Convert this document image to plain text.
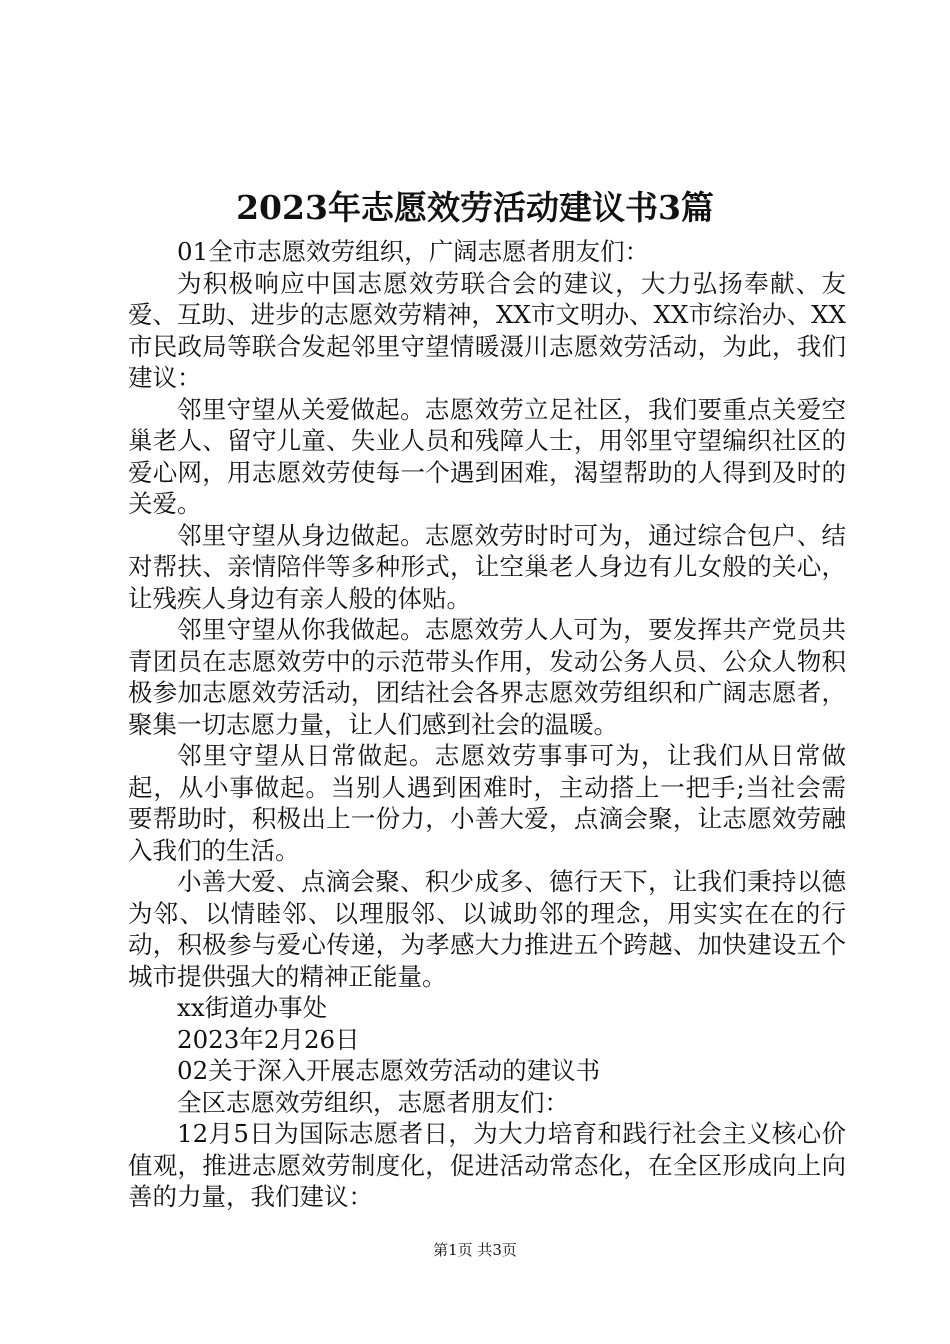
2023年志愿效劳活动建议书3篇

01全市志愿效劳组织，广阔志愿者朋友们：

为积极响应中国志愿效劳联合会的建议，大力弘扬奉献、友爱、互助、进步的志愿效劳精神，XX市文明办、XX市综治办、XX市民政局等联合发起邻里守望情暖滠川志愿效劳活动，为此，我们建议：

邻里守望从关爱做起。志愿效劳立足社区，我们要重点关爱空巢老人、留守儿童、失业人员和残障人士，用邻里守望编织社区的爱心网，用志愿效劳使每一个遇到困难，渴望帮助的人得到及时的关爱。

邻里守望从身边做起。志愿效劳时时可为，通过综合包户、结对帮扶、亲情陪伴等多种形式，让空巢老人身边有儿女般的关心，让残疾人身边有亲人般的体贴。

邻里守望从你我做起。志愿效劳人人可为，要发挥共产党员共青团员在志愿效劳中的示范带头作用，发动公务人员、公众人物积极参加志愿效劳活动，团结社会各界志愿效劳组织和广阔志愿者，聚集一切志愿力量，让人们感到社会的温暖。

邻里守望从日常做起。志愿效劳事事可为，让我们从日常做起，从小事做起。当别人遇到困难时，主动搭上一把手;当社会需要帮助时，积极出上一份力，小善大爱，点滴会聚，让志愿效劳融入我们的生活。

小善大爱、点滴会聚、积少成多、德行天下，让我们秉持以德为邻、以情睦邻、以理服邻、以诚助邻的理念，用实实在在的行动，积极参与爱心传递，为孝感大力推进五个跨越、加快建设五个城市提供强大的精神正能量。

xx街道办事处

2023年2月26日

02关于深入开展志愿效劳活动的建议书

全区志愿效劳组织，志愿者朋友们：

12月5日为国际志愿者日，为大力培育和践行社会主义核心价值观，推进志愿效劳制度化，促进活动常态化，在全区形成向上向善的力量，我们建议：

第1页 共3页
